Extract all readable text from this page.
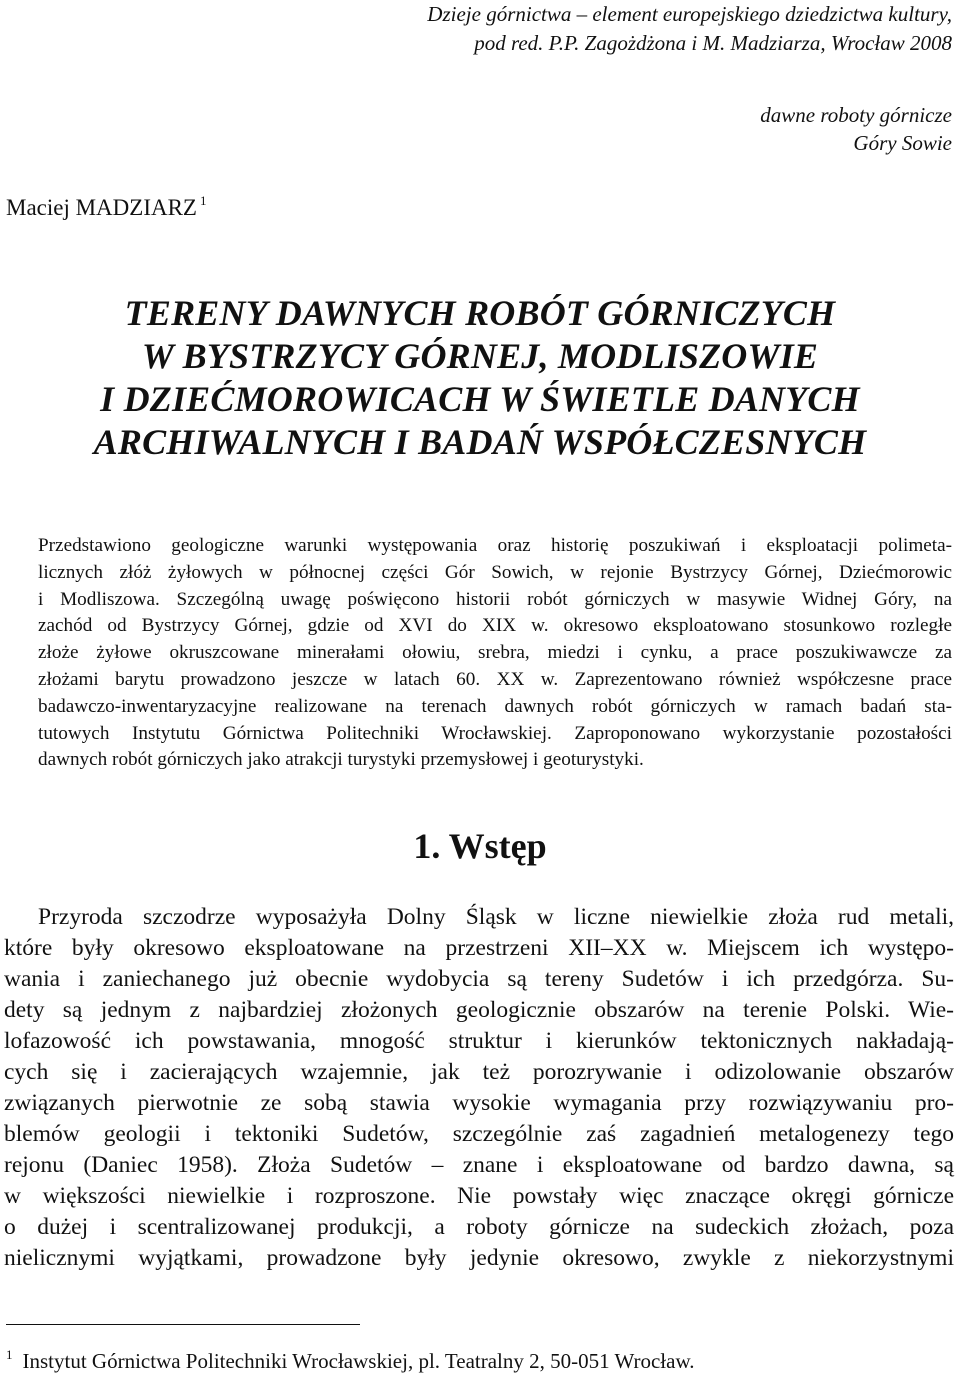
Dzieje górnictwa – element europejskiego dziedzictwa kultury,
pod red. P.P. Zagożdżona i M. Madziarza, Wrocław 2008
dawne roboty górnicze
Góry Sowie
Maciej MADZIARZ $^1$
TERENY DAWNYCH ROBÓT GÓRNICZYCH
W BYSTRZYCY GÓRNEJ, MODLISZOWIE
I DZIEĆMOROWICACH W ŚWIETLE DANYCH
ARCHIWALNYCH I BADAŃ WSPÓŁCZESNYCH
Przedstawiono geologiczne warunki występowania oraz historię poszukiwań i eksploatacji polimeta-
licznych złóż żyłowych w północnej części Gór Sowich, w rejonie Bystrzycy Górnej, Dziećmorowic
i Modliszowa. Szczególną uwagę poświęcono historii robót górniczych w masywie Widnej Góry, na
zachód od Bystrzycy Górnej, gdzie od XVI do XIX w. okresowo eksploatowano stosunkowo rozległe
złoże żyłowe okruszcowane minerałami ołowiu, srebra, miedzi i cynku, a prace poszukiwawcze za
złożami barytu prowadzono jeszcze w latach 60. XX w. Zaprezentowano również współczesne prace
badawczo-inwentaryzacyjne realizowane na terenach dawnych robót górniczych w ramach badań sta-
tutowych Instytutu Górnictwa Politechniki Wrocławskiej. Zaproponowano wykorzystanie pozostałości
dawnych robót górniczych jako atrakcji turystyki przemysłowej i geoturystyki.
1. Wstęp
Przyroda szczodrze wyposażyła Dolny Śląsk w liczne niewielkie złoża rud metali,
które były okresowo eksploatowane na przestrzeni XII–XX w. Miejscem ich występo-
wania i zaniechanego już obecnie wydobycia są tereny Sudetów i ich przedgórza. Su-
dety są jednym z najbardziej złożonych geologicznie obszarów na terenie Polski. Wie-
lofazowość ich powstawania, mnogość struktur i kierunków tektonicznych nakładają-
cych się i zacierających wzajemnie, jak też porozrywanie i odizolowanie obszarów
związanych pierwotnie ze sobą stawia wysokie wymagania przy rozwiązywaniu pro-
blemów geologii i tektoniki Sudetów, szczególnie zaś zagadnień metalogenezy tego
rejonu (Daniec 1958). Złoża Sudetów – znane i eksploatowane od bardzo dawna, są
w większości niewielkie i rozproszone. Nie powstały więc znaczące okręgi górnicze
o dużej i scentralizowanej produkcji, a roboty górnicze na sudeckich złożach, poza
nielicznymi wyjątkami, prowadzone były jedynie okresowo, zwykle z niekorzystnymi
$^1$ Instytut Górnictwa Politechniki Wrocławskiej, pl. Teatralny 2, 50-051 Wrocław.
